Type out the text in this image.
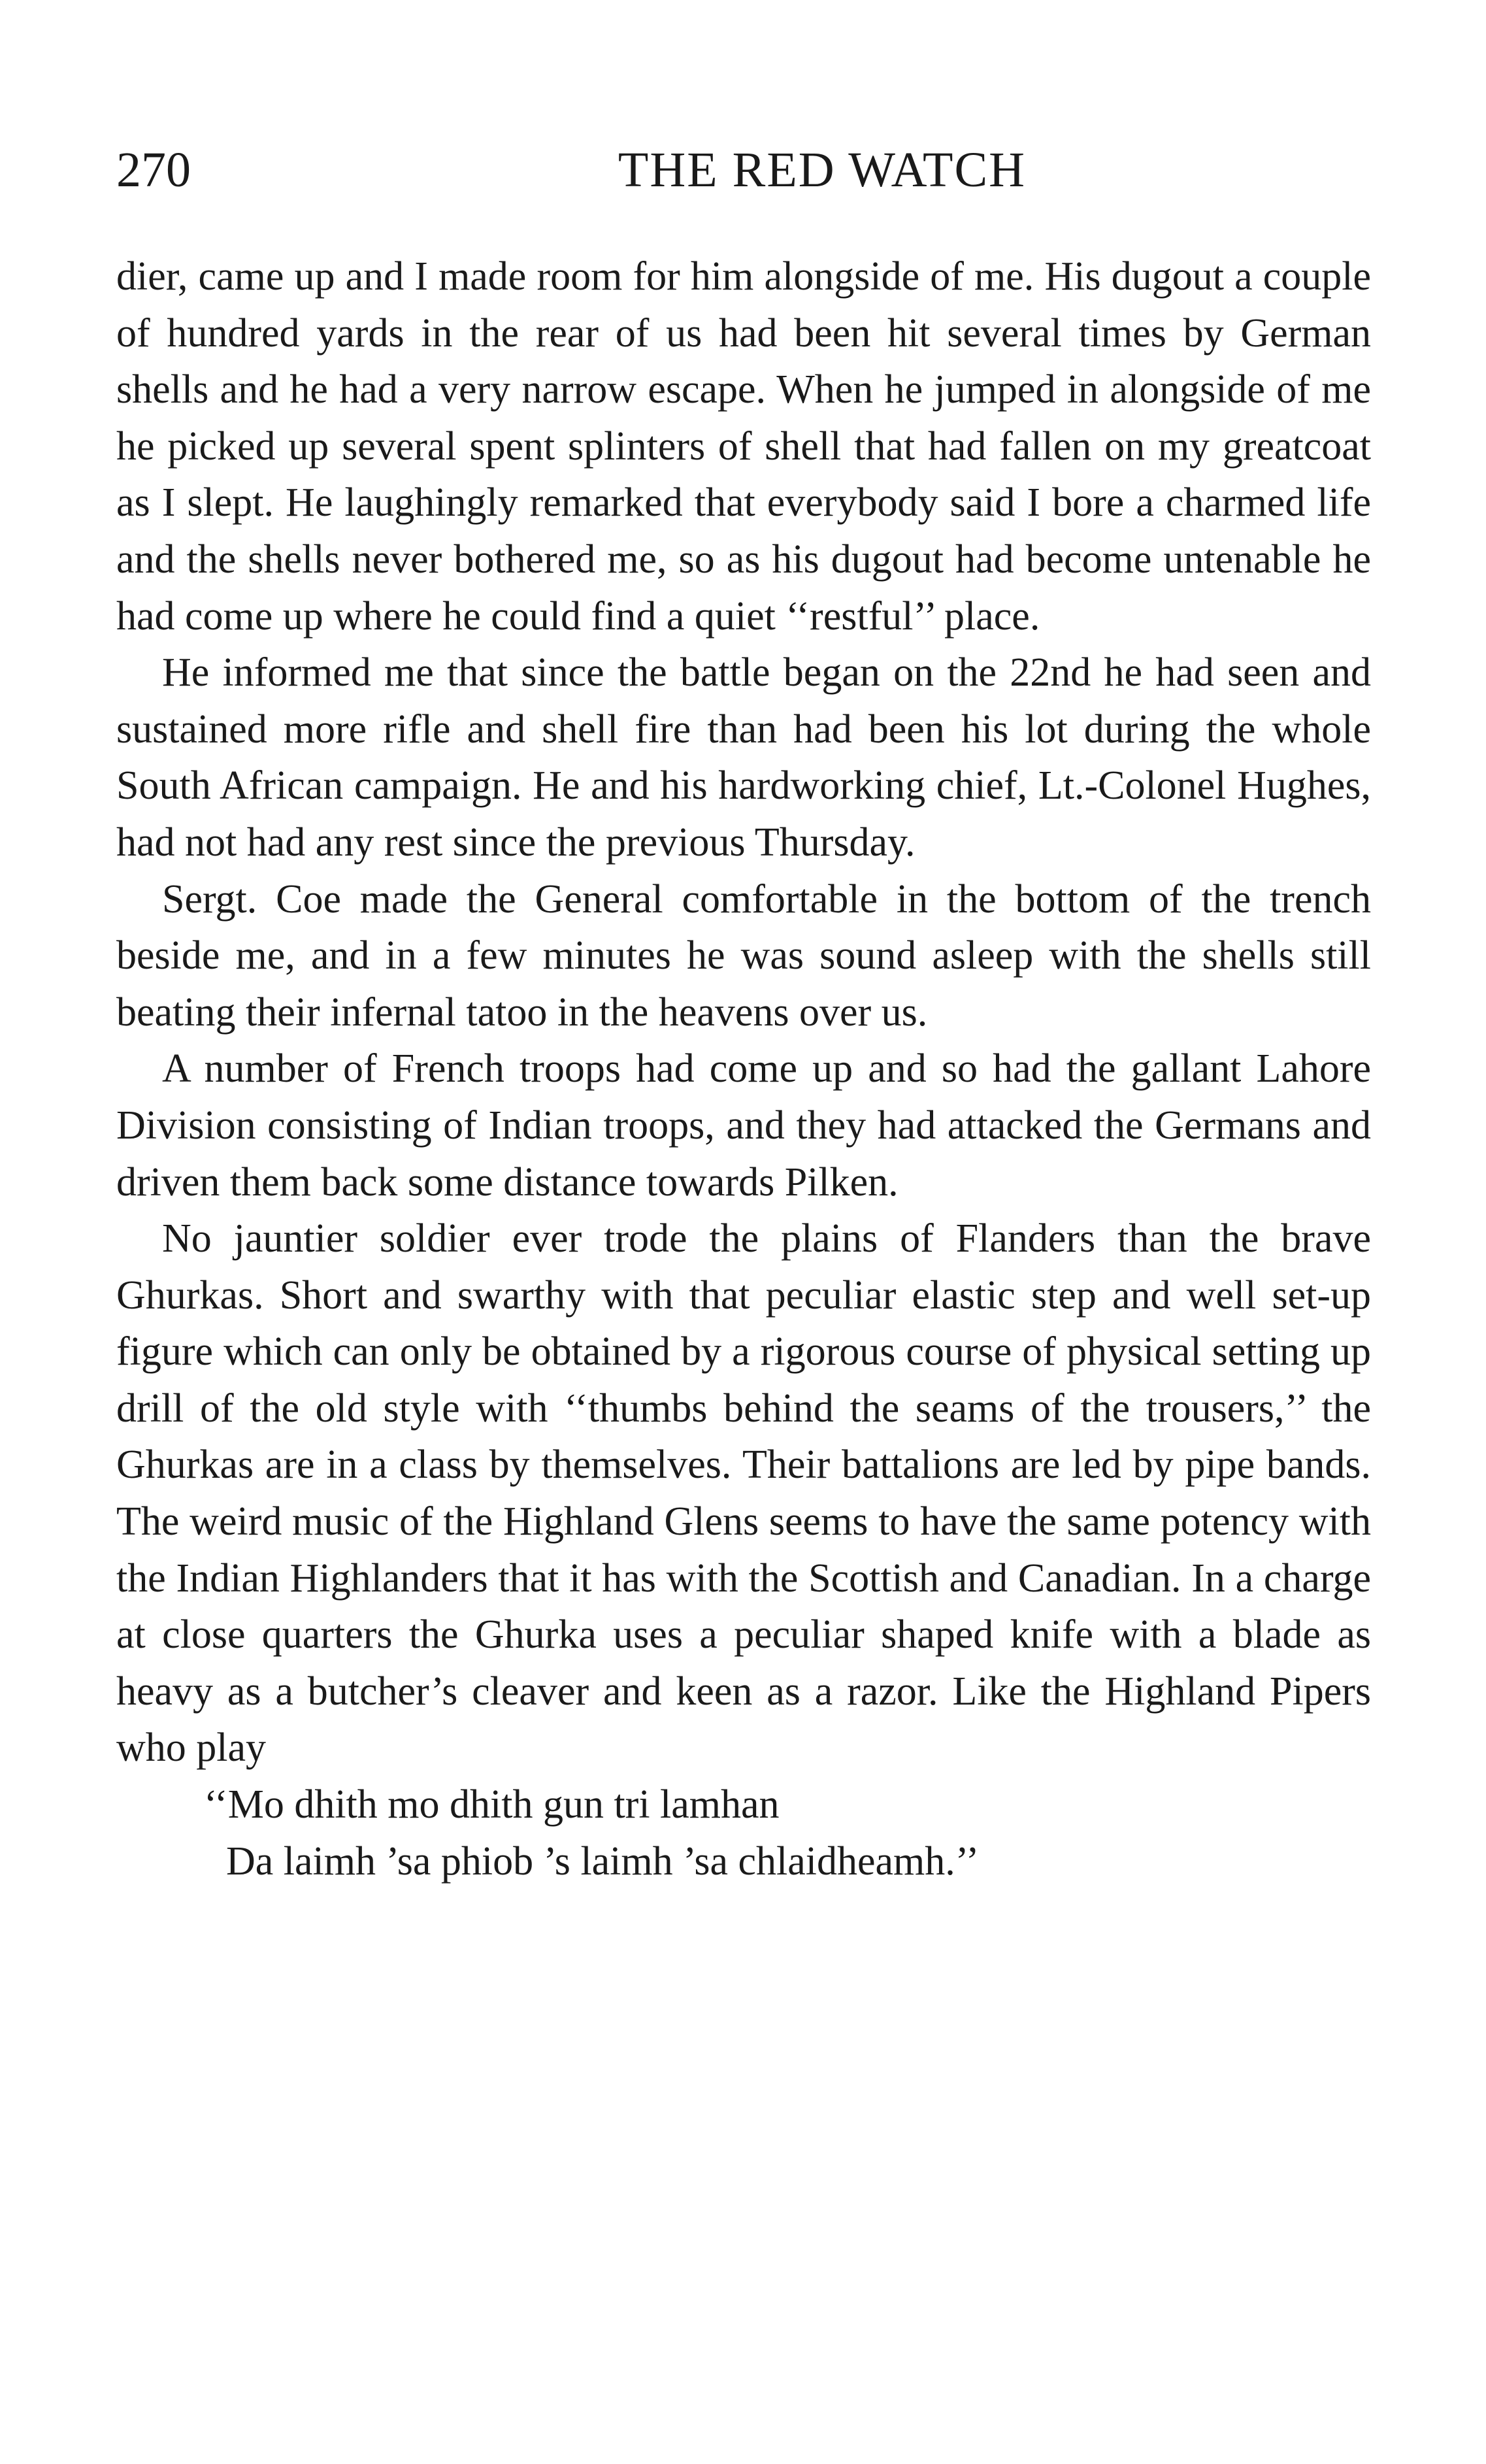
270	THE RED WATCH

dier, came up and I made room for him alongside of me. His dugout a couple of hundred yards in the rear of us had been hit several times by German shells and he had a very narrow escape. When he jumped in alongside of me he picked up several spent splinters of shell that had fallen on my greatcoat as I slept. He laughingly remarked that everybody said I bore a charmed life and the shells never bothered me, so as his dugout had become untenable he had come up where he could find a quiet ‘‘restful’’ place.

He informed me that since the battle began on the 22nd he had seen and sustained more rifle and shell fire than had been his lot during the whole South African campaign. He and his hardworking chief, Lt.-Colonel Hughes, had not had any rest since the previous Thursday.

Sergt. Coe made the General comfortable in the bottom of the trench beside me, and in a few minutes he was sound asleep with the shells still beating their infernal tatoo in the heavens over us.

A number of French troops had come up and so had the gallant Lahore Division consisting of Indian troops, and they had attacked the Germans and driven them back some distance towards Pilken.

No jauntier soldier ever trode the plains of Flanders than the brave Ghurkas. Short and swarthy with that peculiar elastic step and well set-up figure which can only be obtained by a rigorous course of physical setting up drill of the old style with ‘‘thumbs behind the seams of the trousers,’’ the Ghurkas are in a class by themselves. Their battalions are led by pipe bands. The weird music of the Highland Glens seems to have the same potency with the Indian Highlanders that it has with the Scottish and Canadian. In a charge at close quarters the Ghurka uses a peculiar shaped knife with a blade as heavy as a butcher’s cleaver and keen as a razor. Like the Highland Pipers who play

‘‘Mo dhith mo dhith gun tri lamhan

Da laimh ’sa phiob ’s laimh ’sa chlaidheamh.’’
